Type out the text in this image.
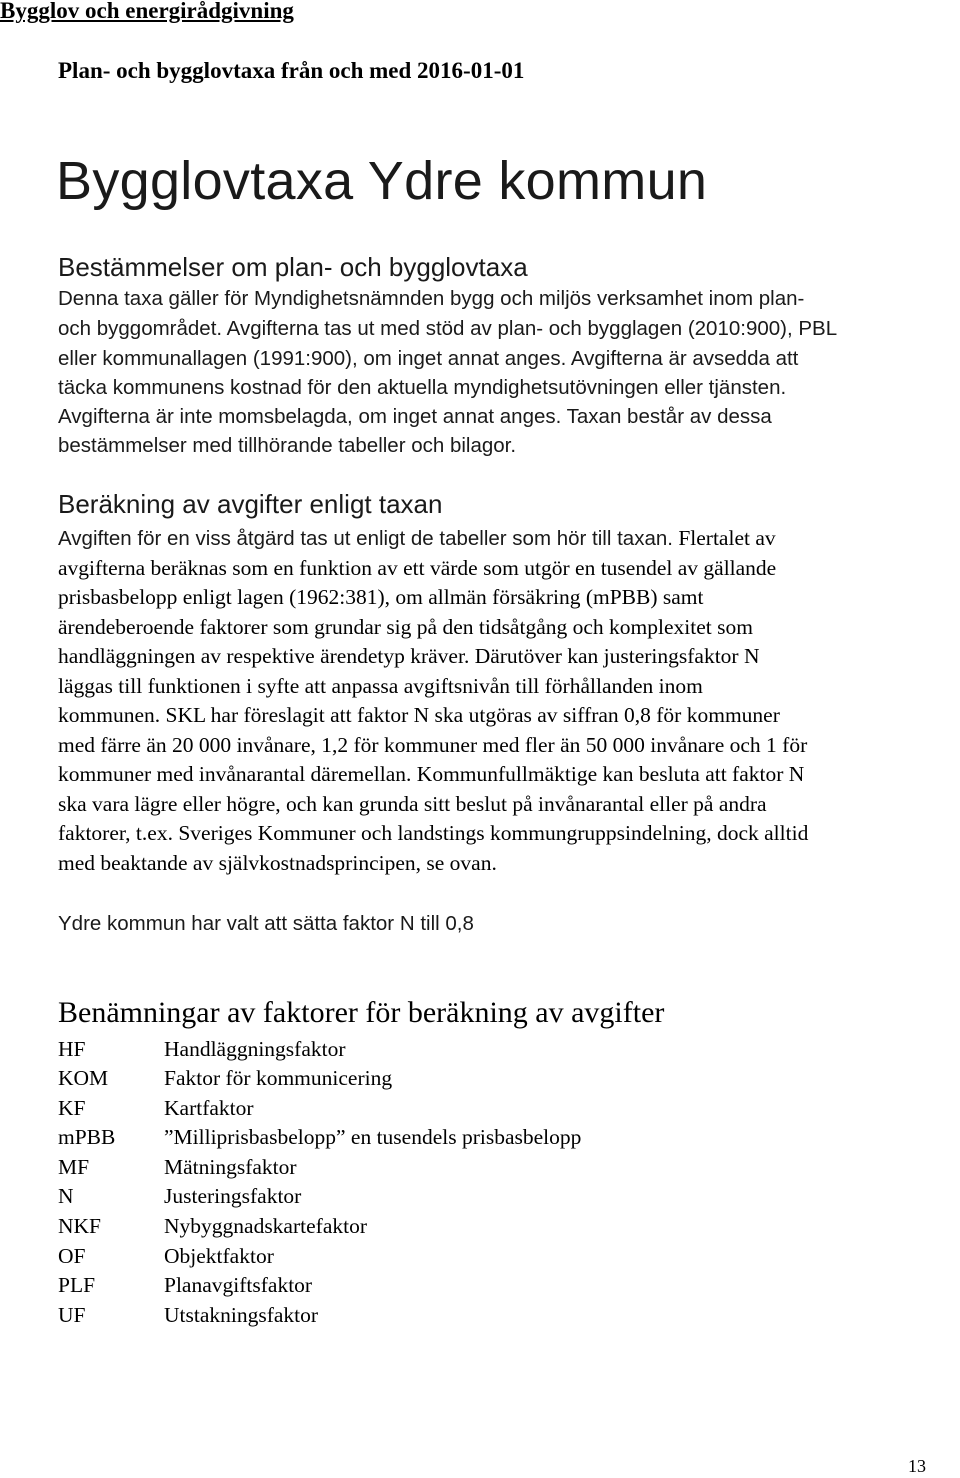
Bygglov och energirådgivning
Plan- och bygglovtaxa från och med 2016-01-01
Bygglovtaxa Ydre kommun
Bestämmelser om plan- och bygglovtaxa
Denna taxa gäller för Myndighetsnämnden bygg och miljös verksamhet inom plan-
och byggområdet. Avgifterna tas ut med stöd av plan- och bygglagen (2010:900), PBL
eller kommunallagen (1991:900), om inget annat anges. Avgifterna är avsedda att
täcka kommunens kostnad för den aktuella myndighetsutövningen eller tjänsten.
Avgifterna är inte momsbelagda, om inget annat anges. Taxan består av dessa
bestämmelser med tillhörande tabeller och bilagor.
Beräkning av avgifter enligt taxan
Avgiften för en viss åtgärd tas ut enligt de tabeller som hör till taxan. Flertalet av
avgifterna beräknas som en funktion av ett värde som utgör en tusendel av gällande
prisbasbelopp enligt lagen (1962:381), om allmän försäkring (mPBB) samt
ärendeberoende faktorer som grundar sig på den tidsåtgång och komplexitet som
handläggningen av respektive ärendetyp kräver. Därutöver kan justeringsfaktor N
läggas till funktionen i syfte att anpassa avgiftsnivån till förhållanden inom
kommunen. SKL har föreslagit att faktor N ska utgöras av siffran 0,8 för kommuner
med färre än 20 000 invånare, 1,2 för kommuner med fler än 50 000 invånare och 1 för
kommuner med invånarantal däremellan. Kommunfullmäktige kan besluta att faktor N
ska vara lägre eller högre, och kan grunda sitt beslut på invånarantal eller på andra
faktorer, t.ex. Sveriges Kommuner och landstings kommungruppsindelning, dock alltid
med beaktande av självkostnadsprincipen, se ovan.
Ydre kommun har valt att sätta faktor N till 0,8
Benämningar av faktorer för beräkning av avgifter
HF	Handläggningsfaktor
KOM	Faktor för kommunicering
KF	Kartfaktor
mPBB ”Milliprisbasbelopp” en tusendels prisbasbelopp
MF	Mätningsfaktor
N	Justeringsfaktor
NKF	Nybyggnadskartefaktor
OF	Objektfaktor
PLF	Planavgiftsfaktor
UF	Utstakningsfaktor
13
